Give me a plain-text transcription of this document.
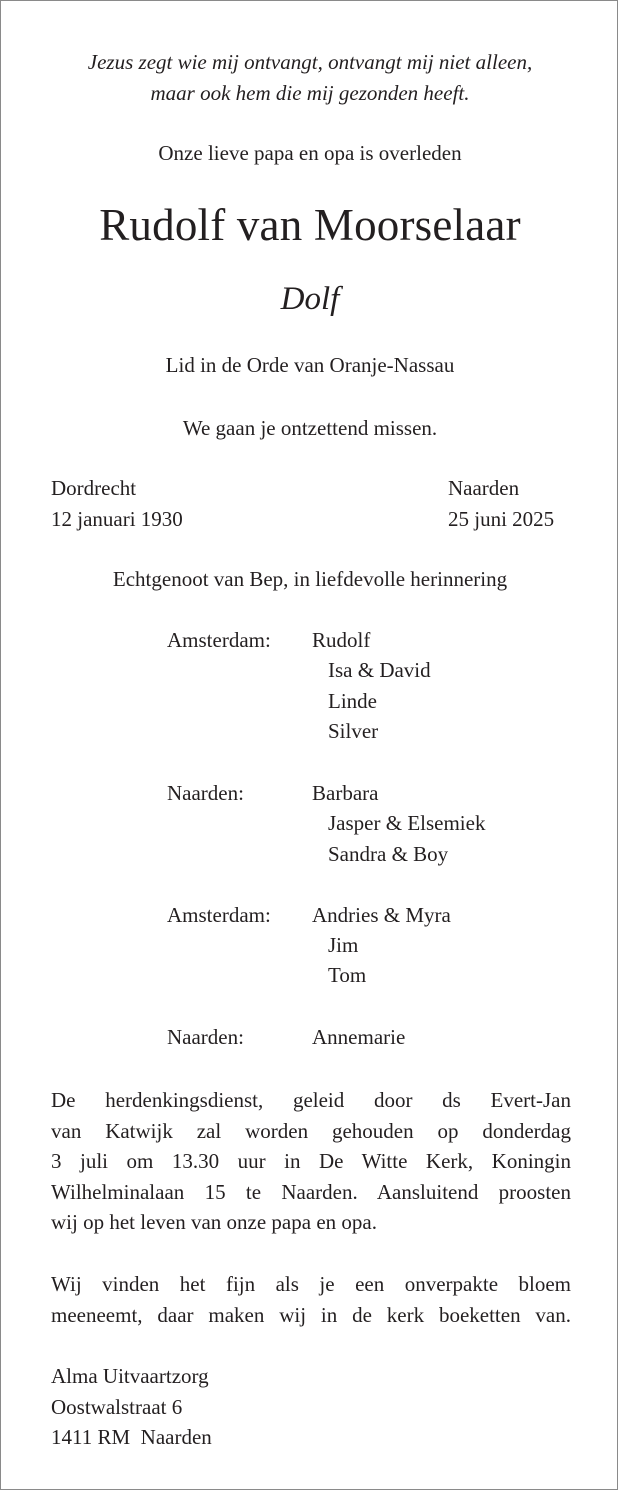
Jezus zegt wie mij ontvangt, ontvangt mij niet alleen,
maar ook hem die mij gezonden heeft.
Onze lieve papa en opa is overleden
Rudolf van Moorselaar
Dolf
Lid in de Orde van Oranje-Nassau
We gaan je ontzettend missen.
Dordrecht
12 januari 1930
Naarden
25 juni 2025
Echtgenoot van Bep, in liefdevolle herinnering
Amsterdam: Rudolf
Isa & David
Linde
Silver
Naarden:	Barbara
Jasper & Elsemiek
Sandra & Boy
Amsterdam: Andries & Myra
Jim
Tom
Naarden:	Annemarie
De herdenkingsdienst, geleid door ds Evert-Jan
van Katwijk zal worden gehouden op donderdag
3 juli om 13.30 uur in De Witte Kerk, Koningin
Wilhelminalaan 15 te Naarden. Aansluitend proosten
wij op het leven van onze papa en opa.
Wij vinden het fijn als je een onverpakte bloem
meeneemt, daar maken wij in de kerk boeketten van.
Alma Uitvaartzorg
Oostwalstraat 6
1411 RM  Naarden
